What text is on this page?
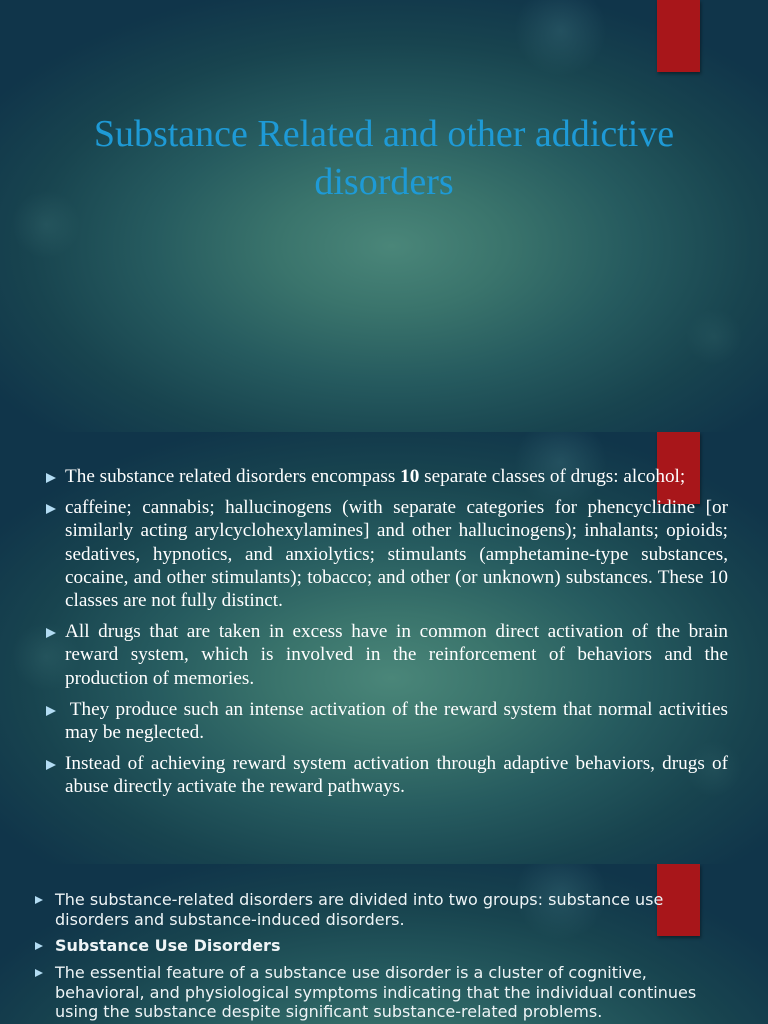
Substance Related and other addictive disorders
The substance related disorders encompass 10 separate classes of drugs: alcohol;
caffeine; cannabis; hallucinogens (with separate categories for phencyclidine [or similarly acting arylcyclohexylamines] and other hallucinogens); inhalants; opioids; sedatives, hypnotics, and anxiolytics; stimulants (amphetamine-type substances, cocaine, and other stimulants); tobacco; and other (or unknown) substances. These 10 classes are not fully distinct.
All drugs that are taken in excess have in common direct activation of the brain reward system, which is involved in the reinforcement of behaviors and the production of memories.
They produce such an intense activation of the reward system that normal activities may be neglected.
Instead of achieving reward system activation through adaptive behaviors, drugs of abuse directly activate the reward pathways.
The substance-related disorders are divided into two groups: substance use disorders and substance-induced disorders.
Substance Use Disorders
The essential feature of a substance use disorder is a cluster of cognitive, behavioral, and physiological symptoms indicating that the individual continues using the substance despite significant substance-related problems.
